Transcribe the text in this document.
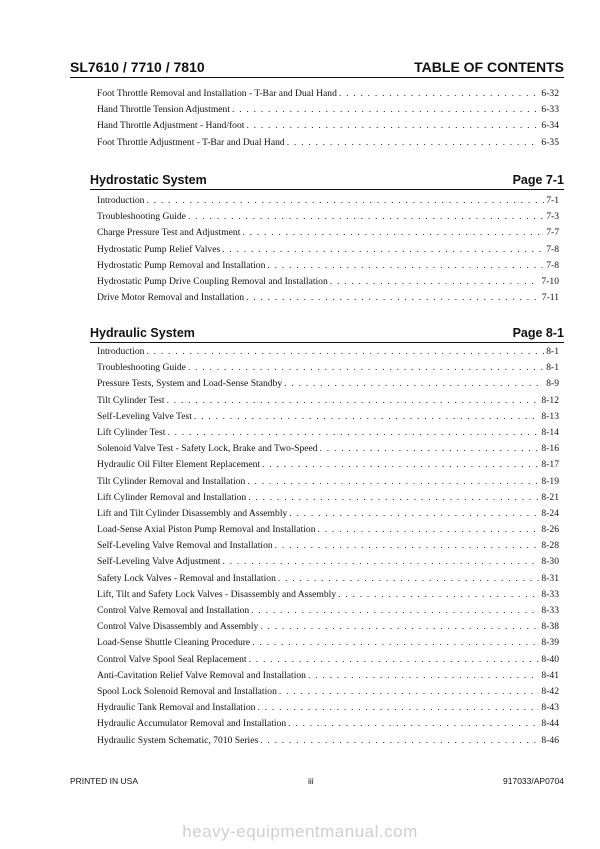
SL7610 / 7710 / 7810	TABLE OF CONTENTS
Foot Throttle Removal and Installation - T-Bar and Dual Hand . . .	6-32
Hand Throttle Tension Adjustment . . .	6-33
Hand Throttle Adjustment - Hand/foot . . .	6-34
Foot Throttle Adjustment - T-Bar and Dual Hand . . .	6-35
Hydrostatic System	Page 7-1
Introduction . . .	7-1
Troubleshooting Guide . . .	7-3
Charge Pressure Test and Adjustment . . .	7-7
Hydrostatic Pump Relief Valves . . .	7-8
Hydrostatic Pump Removal and Installation . . .	7-8
Hydrostatic Pump Drive Coupling Removal and Installation . . .	7-10
Drive Motor Removal and Installation . . .	7-11
Hydraulic System	Page 8-1
Introduction . . .	8-1
Troubleshooting Guide . . .	8-1
Pressure Tests, System and Load-Sense Standby . . .	8-9
Tilt Cylinder Test . . .	8-12
Self-Leveling Valve Test . . .	8-13
Lift Cylinder Test . . .	8-14
Solenoid Valve Test - Safety Lock, Brake and Two-Speed . . .	8-16
Hydraulic Oil Filter Element Replacement . . .	8-17
Tilt Cylinder Removal and Installation . . .	8-19
Lift Cylinder Removal and Installation . . .	8-21
Lift and Tilt Cylinder Disassembly and Assembly . . .	8-24
Load-Sense Axial Piston Pump Removal and Installation . . .	8-26
Self-Leveling Valve Removal and Installation . . .	8-28
Self-Leveling Valve Adjustment . . .	8-30
Safety Lock Valves - Removal and Installation . . .	8-31
Lift, Tilt and Safety Lock Valves - Disassembly and Assembly . . .	8-33
Control Valve Removal and Installation . . .	8-33
Control Valve Disassembly and Assembly . . .	8-38
Load-Sense Shuttle Cleaning Procedure . . .	8-39
Control Valve Spool Seal Replacement . . .	8-40
Anti-Cavitation Relief Valve Removal and Installation . . .	8-41
Spool Lock Solenoid Removal and Installation . . .	8-42
Hydraulic Tank Removal and Installation . . .	8-43
Hydraulic Accumulator Removal and Installation . . .	8-44
Hydraulic System Schematic, 7010 Series . . .	8-46
PRINTED IN USA	iii	917033/AP0704
heavy-equipmentmanual.com
